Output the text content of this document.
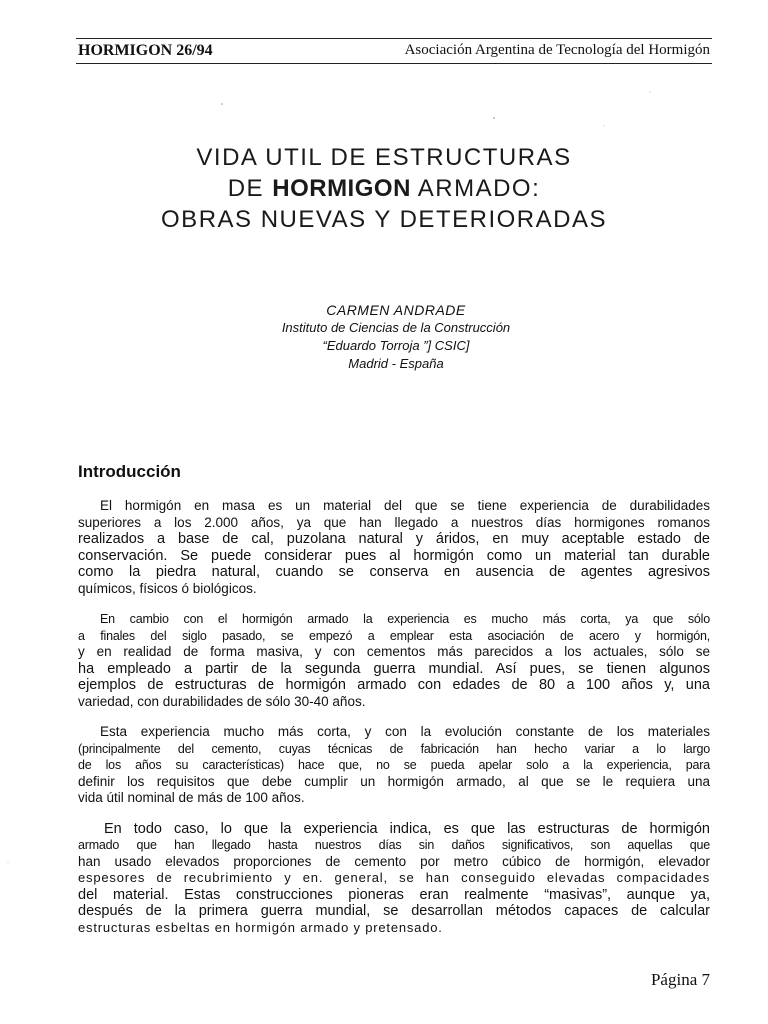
HORMIGON 26/94	Asociación Argentina de Tecnología del Hormigón
VIDA UTIL DE ESTRUCTURAS
DE HORMIGON ARMADO:
OBRAS NUEVAS Y DETERIORADAS
CARMEN ANDRADE
Instituto de Ciencias de la Construcción
“Eduardo Torroja ”] CSIC]
Madrid - España
Introducción
El hormigón en masa es un material del que se tiene experiencia de durabilidades
superiores a los 2.000 años, ya que han llegado a nuestros días hormigones romanos
realizados a base de cal, puzolana natural y áridos, en muy aceptable estado de
conservación. Se puede considerar pues al hormigón como un material tan durable
como la piedra natural, cuando se conserva en ausencia de agentes agresivos
químicos, físicos ó biológicos.
En cambio con el hormigón armado la experiencia es mucho más corta, ya que sólo
a finales del siglo pasado, se empezó a emplear esta asociación de acero y hormigón,
y en realidad de forma masiva, y con cementos más parecidos a los actuales, sólo se
ha empleado a partir de la segunda guerra mundial. Así pues, se tienen algunos
ejemplos de estructuras de hormigón armado con edades de 80 a 100 años y, una
variedad, con durabilidades de sólo 30-40 años.
Esta experiencia mucho más corta, y con la evolución constante de los materiales
(principalmente del cemento, cuyas técnicas de fabricación han hecho variar a lo largo
de los años su características) hace que, no se pueda apelar solo a la experiencia, para
definir los requisitos que debe cumplir un hormigón armado, al que se le requiera una
vida útil nominal de más de 100 años.
En todo caso, lo que la experiencia indica, es que las estructuras de hormigón
armado que han llegado hasta nuestros días sin daños significativos, son aquellas que
han usado elevados proporciones de cemento por metro cúbico de hormigón, elevador
espesores de recubrimiento y en. general, se han conseguido elevadas compacidades
del material. Estas construcciones pioneras eran realmente “masivas”, aunque ya,
después de la primera guerra mundial, se desarrollan métodos capaces de calcular
estructuras esbeltas en hormigón armado y pretensado.
Página 7
